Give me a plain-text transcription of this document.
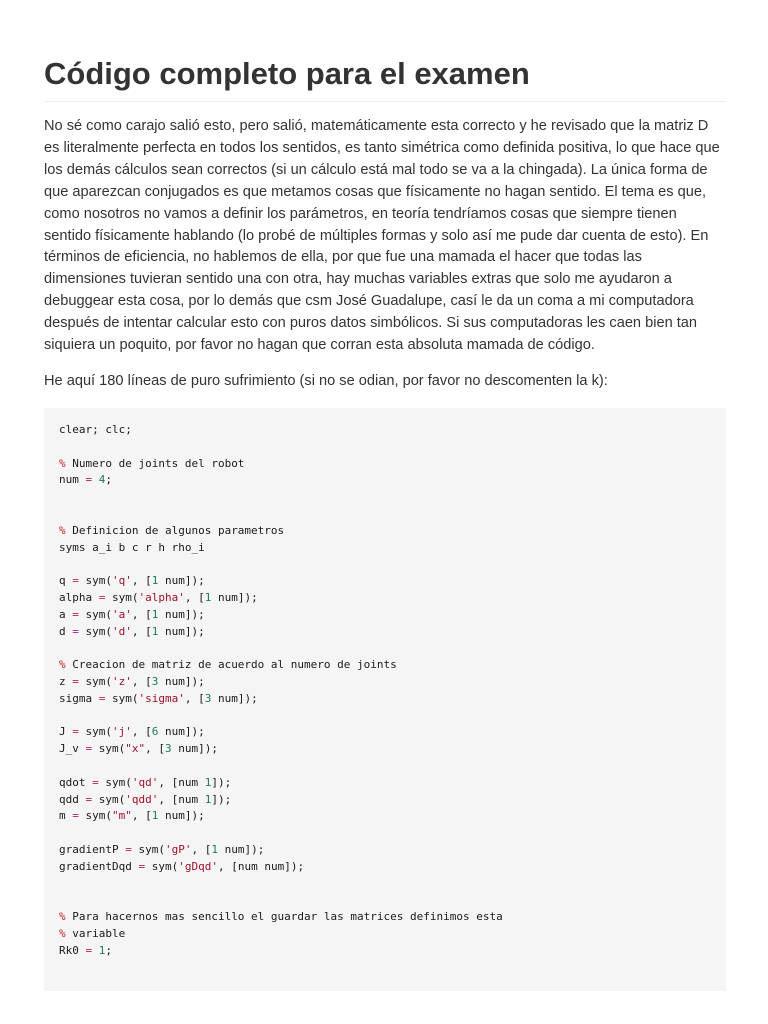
Código completo para el examen

No sé como carajo salió esto, pero salió, matemáticamente esta correcto y he revisado que la matriz D es literalmente perfecta en todos los sentidos, es tanto simétrica como definida positiva, lo que hace que los demás cálculos sean correctos (si un cálculo está mal todo se va a la chingada). La única forma de que aparezcan conjugados es que metamos cosas que físicamente no hagan sentido. El tema es que, como nosotros no vamos a definir los parámetros, en teoría tendríamos cosas que siempre tienen sentido físicamente hablando (lo probé de múltiples formas y solo así me pude dar cuenta de esto). En términos de eficiencia, no hablemos de ella, por que fue una mamada el hacer que todas las dimensiones tuvieran sentido una con otra, hay muchas variables extras que solo me ayudaron a debuggear esta cosa, por lo demás que csm José Guadalupe, casí le da un coma a mi computadora después de intentar calcular esto con puros datos simbólicos. Si sus computadoras les caen bien tan siquiera un poquito, por favor no hagan que corran esta absoluta mamada de código.

He aquí 180 líneas de puro sufrimiento (si no se odian, por favor no descomenten la k):

clear; clc;
% Numero de joints del robot
num = 4;
% Definicion de algunos parametros
syms a_i b c r h rho_i
q = sym('q', [1 num]);
alpha = sym('alpha', [1 num]);
a = sym('a', [1 num]);
d = sym('d', [1 num]);
% Creacion de matriz de acuerdo al numero de joints
z = sym('z', [3 num]);
sigma = sym('sigma', [3 num]);
J = sym('j', [6 num]);
J_v = sym("x", [3 num]);
qdot = sym('qd', [num 1]);
qdd = sym('qdd', [num 1]);
m = sym("m", [1 num]);
gradientP = sym('gP', [1 num]);
gradientDqd = sym('gDqd', [num num]);
% Para hacernos mas sencillo el guardar las matrices definimos esta
% variable
Rk0 = 1;
